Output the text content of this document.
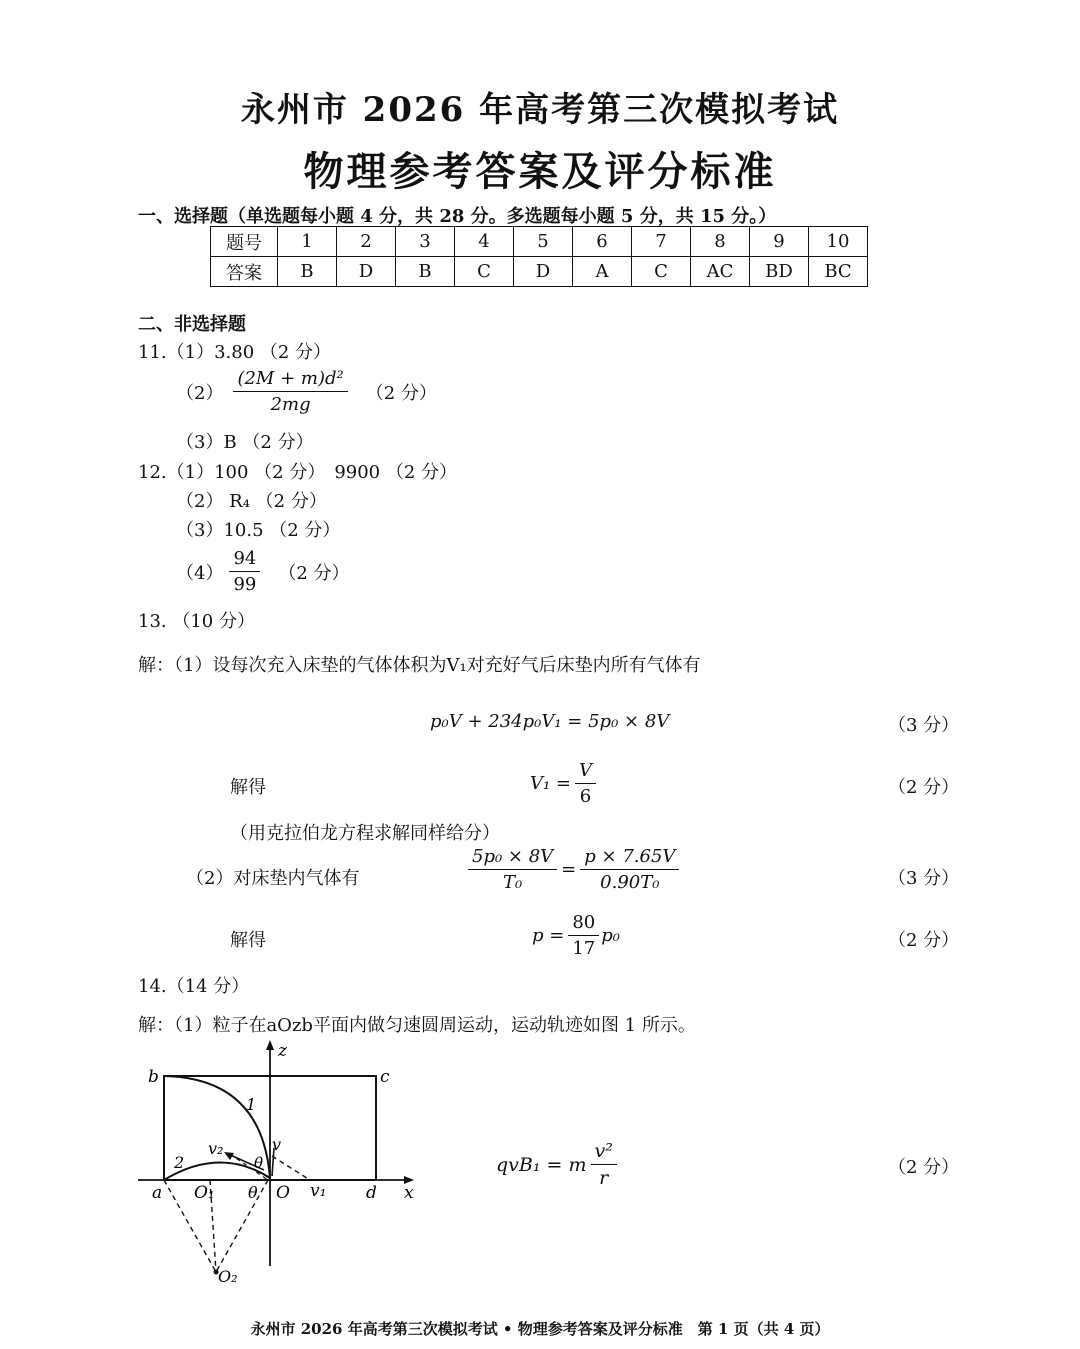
永州市 2026 年高考第三次模拟考试
物理参考答案及评分标准
一、选择题（单选题每小题 4 分，共 28 分。多选题每小题 5 分，共 15 分。）
题号	1	2	3	4	5	6	7	8	9	10
答案	B	D	B	C	D	A	C	AC	BD	BC
二、非选择题
11.（1）3.80 （2 分）
$(2) \frac{\text{(2M + m)d²}}{2mg} (2$ 分）
（3）B （2 分）
12.（1）100 （2 分）　9900 （2 分）
（2） R₄ （2 分）
（3）10.5 （2 分）
$(4) \frac{94}{99} (2$ 分）
13. （10 分）
解：（1）设每次充入床垫的气体体积为V₁对充好气后床垫内所有气体有
p₀V + 234p₀V₁ = 5p₀ × 8V	（3 分）
解得	$V_1 = \frac{V}{6}$	（2 分）
（用克拉伯龙方程求解同样给分）
（2）对床垫内气体有	$\frac{\text{5p₀ × 8V}}{\text{T₀}} = \frac{p \times 7.65V}{\text{0.90T₀}}$	（3 分）
解得	$p = \frac{80}{17} p_0$	（2 分）
14.（14 分）
解：（1）粒子在aOzb平面内做匀速圆周运动，运动轨迹如图 1 所示。
b	c
z
a O₁ θ O v₁ d x
O₂
v
v₂
θ
1
2	qvB₁ = m $\frac{\text{v²}}{r}$	（2 分）
永州市 2026 年高考第三次模拟考试 • 物理参考答案及评分标准　第 1 页（共 4 页）
